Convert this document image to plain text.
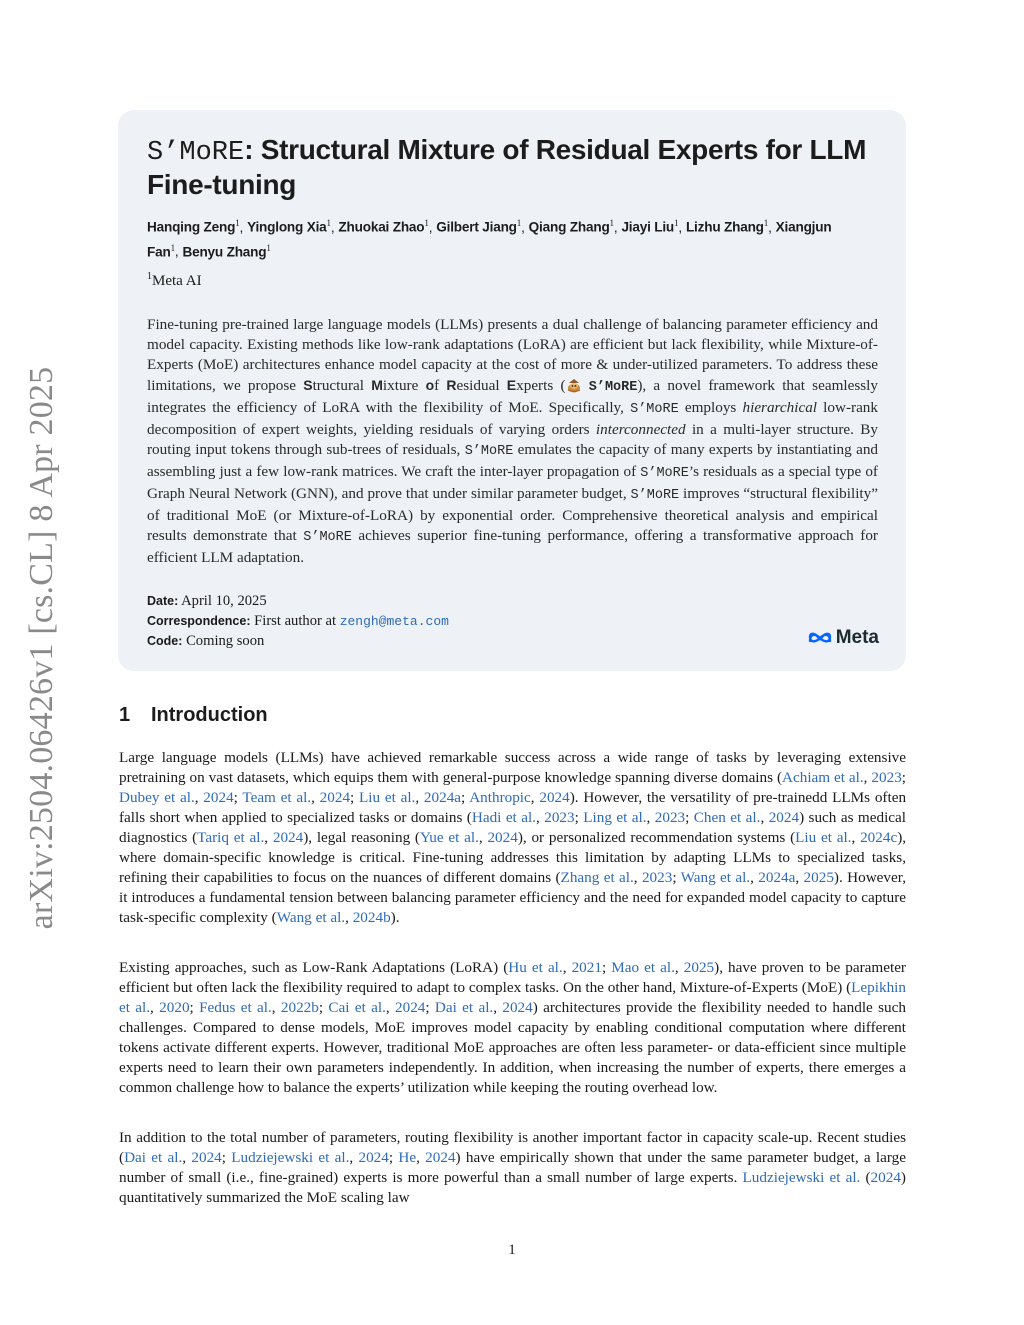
arXiv:2504.06426v1 [cs.CL] 8 Apr 2025
S’MoRE: Structural Mixture of Residual Experts for LLM Fine-tuning
Hanqing Zeng$^1$, Yinglong Xia$^1$, Zhuokai Zhao$^1$, Gilbert Jiang$^1$, Qiang Zhang$^1$, Jiayi Liu$^1$, Lizhu Zhang$^1$, Xiangjun Fan$^1$, Benyu Zhang$^1$
$^1$Meta AI

Fine-tuning pre-trained large language models (LLMs) presents a dual challenge of balancing parameter efficiency and model capacity. Existing methods like low-rank adaptations (LoRA) are efficient but lack flexibility, while Mixture-of-Experts (MoE) architectures enhance model capacity at the cost of more & under-utilized parameters. To address these limitations, we propose Structural Mixture of Residual Experts ( S’MoRE), a novel framework that seamlessly integrates the efficiency of LoRA with the flexibility of MoE. Specifically, S’MoRE employs hierarchical low-rank decomposition of expert weights, yielding residuals of varying orders interconnected in a multi-layer structure. By routing input tokens through sub-trees of residuals, S’MoRE emulates the capacity of many experts by instantiating and assembling just a few low-rank matrices. We craft the inter-layer propagation of S’MoRE’s residuals as a special type of Graph Neural Network (GNN), and prove that under similar parameter budget, S’MoRE improves “structural flexibility” of traditional MoE (or Mixture-of-LoRA) by exponential order. Comprehensive theoretical analysis and empirical results demonstrate that S’MoRE achieves superior fine-tuning performance, offering a transformative approach for efficient LLM adaptation.

Date: April 10, 2025
Correspondence: First author at zengh@meta.com
Code: Coming soon	Meta
1 Introduction

Large language models (LLMs) have achieved remarkable success across a wide range of tasks by leveraging extensive pretraining on vast datasets, which equips them with general-purpose knowledge spanning diverse domains (Achiam et al., 2023; Dubey et al., 2024; Team et al., 2024; Liu et al., 2024a; Anthropic, 2024). However, the versatility of pre-trainedd LLMs often falls short when applied to specialized tasks or domains (Hadi et al., 2023; Ling et al., 2023; Chen et al., 2024) such as medical diagnostics (Tariq et al., 2024), legal reasoning (Yue et al., 2024), or personalized recommendation systems (Liu et al., 2024c), where domain-specific knowledge is critical. Fine-tuning addresses this limitation by adapting LLMs to specialized tasks, refining their capabilities to focus on the nuances of different domains (Zhang et al., 2023; Wang et al., 2024a, 2025). However, it introduces a fundamental tension between balancing parameter efficiency and the need for expanded model capacity to capture task-specific complexity (Wang et al., 2024b).

Existing approaches, such as Low-Rank Adaptations (LoRA) (Hu et al., 2021; Mao et al., 2025), have proven to be parameter efficient but often lack the flexibility required to adapt to complex tasks. On the other hand, Mixture-of-Experts (MoE) (Lepikhin et al., 2020; Fedus et al., 2022b; Cai et al., 2024; Dai et al., 2024) architectures provide the flexibility needed to handle such challenges. Compared to dense models, MoE improves model capacity by enabling conditional computation where different tokens activate different experts. However, traditional MoE approaches are often less parameter- or data-efficient since multiple experts need to learn their own parameters independently. In addition, when increasing the number of experts, there emerges a common challenge how to balance the experts’ utilization while keeping the routing overhead low.

In addition to the total number of parameters, routing flexibility is another important factor in capacity scale-up. Recent studies (Dai et al., 2024; Ludziejewski et al., 2024; He, 2024) have empirically shown that under the same parameter budget, a large number of small (i.e., fine-grained) experts is more powerful than a small number of large experts. Ludziejewski et al. (2024) quantitatively summarized the MoE scaling law

1
